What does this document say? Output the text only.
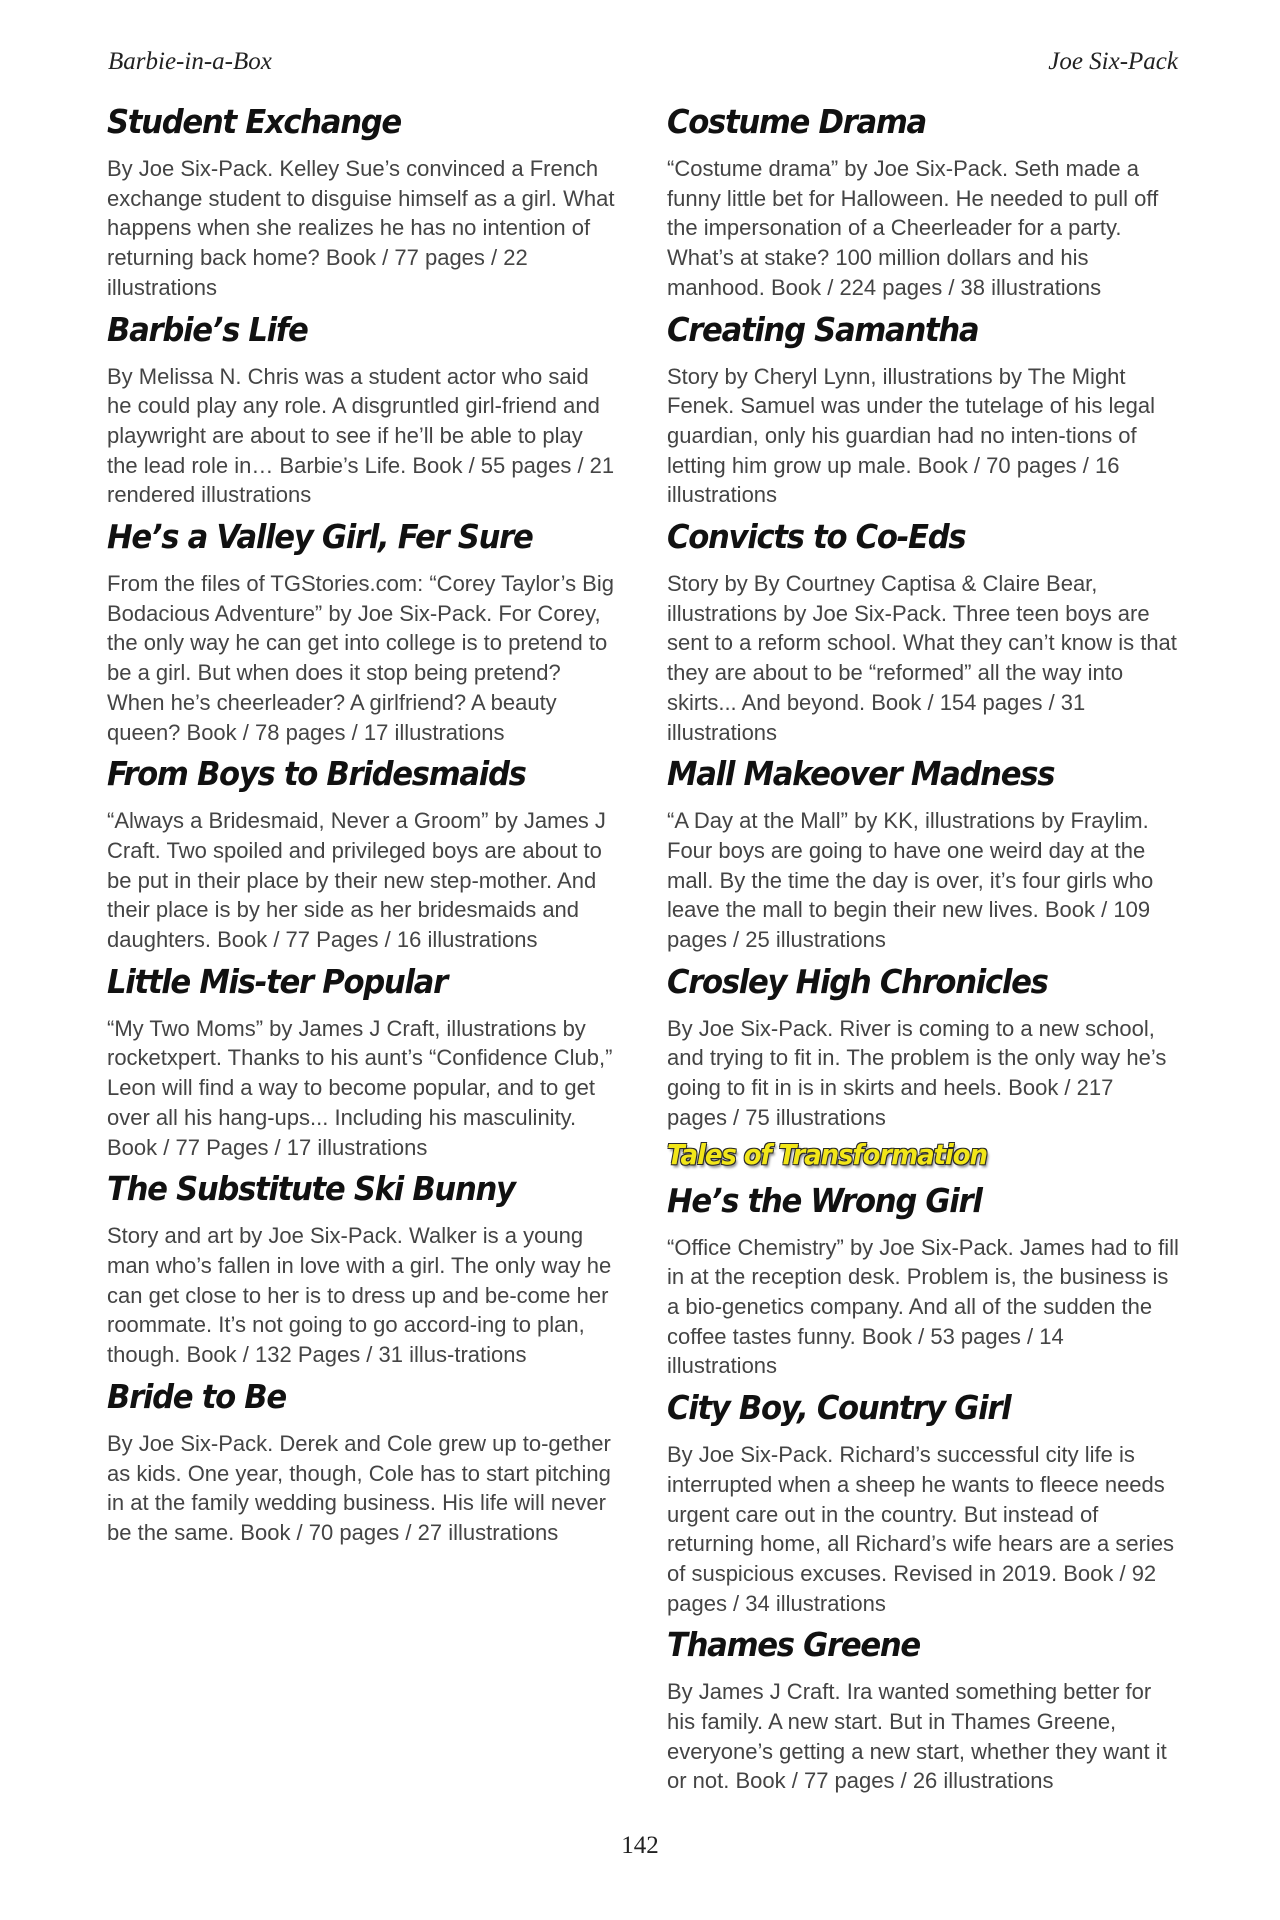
Barbie-in-a-Box	Joe Six-Pack
Student Exchange
By Joe Six-Pack. Kelley Sue’s convinced a French exchange student to disguise himself as a girl. What happens when she realizes he has no intention of returning back home? Book / 77 pages / 22 illustrations
Barbie’s Life
By Melissa N. Chris was a student actor who said he could play any role. A disgruntled girl-friend and playwright are about to see if he’ll be able to play the lead role in… Barbie’s Life. Book / 55 pages / 21 rendered illustrations
He’s a Valley Girl, Fer Sure
From the files of TGStories.com: “Corey Taylor’s Big Bodacious Adventure” by Joe Six-Pack. For Corey, the only way he can get into college is to pretend to be a girl. But when does it stop being pretend? When he’s cheerleader? A girlfriend? A beauty queen? Book / 78 pages / 17 illustrations
From Boys to Bridesmaids
“Always a Bridesmaid, Never a Groom” by James J Craft. Two spoiled and privileged boys are about to be put in their place by their new step-mother. And their place is by her side as her bridesmaids and daughters. Book / 77 Pages / 16 illustrations
Little Mis-ter Popular
“My Two Moms” by James J Craft, illustrations by rocketxpert. Thanks to his aunt’s “Confidence Club,” Leon will find a way to become popular, and to get over all his hang-ups... Including his masculinity. Book / 77 Pages / 17 illustrations
The Substitute Ski Bunny
Story and art by Joe Six-Pack. Walker is a young man who’s fallen in love with a girl. The only way he can get close to her is to dress up and be-come her roommate. It’s not going to go accord-ing to plan, though. Book / 132 Pages / 31 illus-trations
Bride to Be
By Joe Six-Pack. Derek and Cole grew up to-gether as kids. One year, though, Cole has to start pitching in at the family wedding business. His life will never be the same. Book / 70 pages / 27 illustrations
Costume Drama
“Costume drama” by Joe Six-Pack. Seth made a funny little bet for Halloween. He needed to pull off the impersonation of a Cheerleader for a party. What’s at stake? 100 million dollars and his manhood. Book / 224 pages / 38 illustrations
Creating Samantha
Story by Cheryl Lynn, illustrations by The Might Fenek. Samuel was under the tutelage of his legal guardian, only his guardian had no inten-tions of letting him grow up male. Book / 70 pages / 16 illustrations
Convicts to Co-Eds
Story by By Courtney Captisa & Claire Bear, illustrations by Joe Six-Pack. Three teen boys are sent to a reform school. What they can’t know is that they are about to be “reformed” all the way into skirts... And beyond. Book / 154 pages / 31 illustrations
Mall Makeover Madness
“A Day at the Mall” by KK, illustrations by Fraylim. Four boys are going to have one weird day at the mall. By the time the day is over, it’s four girls who leave the mall to begin their new lives. Book / 109 pages / 25 illustrations
Crosley High Chronicles
By Joe Six-Pack. River is coming to a new school, and trying to fit in. The problem is the only way he’s going to fit in is in skirts and heels. Book / 217 pages / 75 illustrations
Tales of Transformation
He’s the Wrong Girl
“Office Chemistry” by Joe Six-Pack. James had to fill in at the reception desk. Problem is, the business is a bio-genetics company. And all of the sudden the coffee tastes funny. Book / 53 pages / 14 illustrations
City Boy, Country Girl
By Joe Six-Pack. Richard’s successful city life is interrupted when a sheep he wants to fleece needs urgent care out in the country. But instead of returning home, all Richard’s wife hears are a series of suspicious excuses. Revised in 2019. Book / 92 pages / 34 illustrations
Thames Greene
By James J Craft. Ira wanted something better for his family. A new start. But in Thames Greene, everyone’s getting a new start, whether they want it or not. Book / 77 pages / 26 illustrations
142
